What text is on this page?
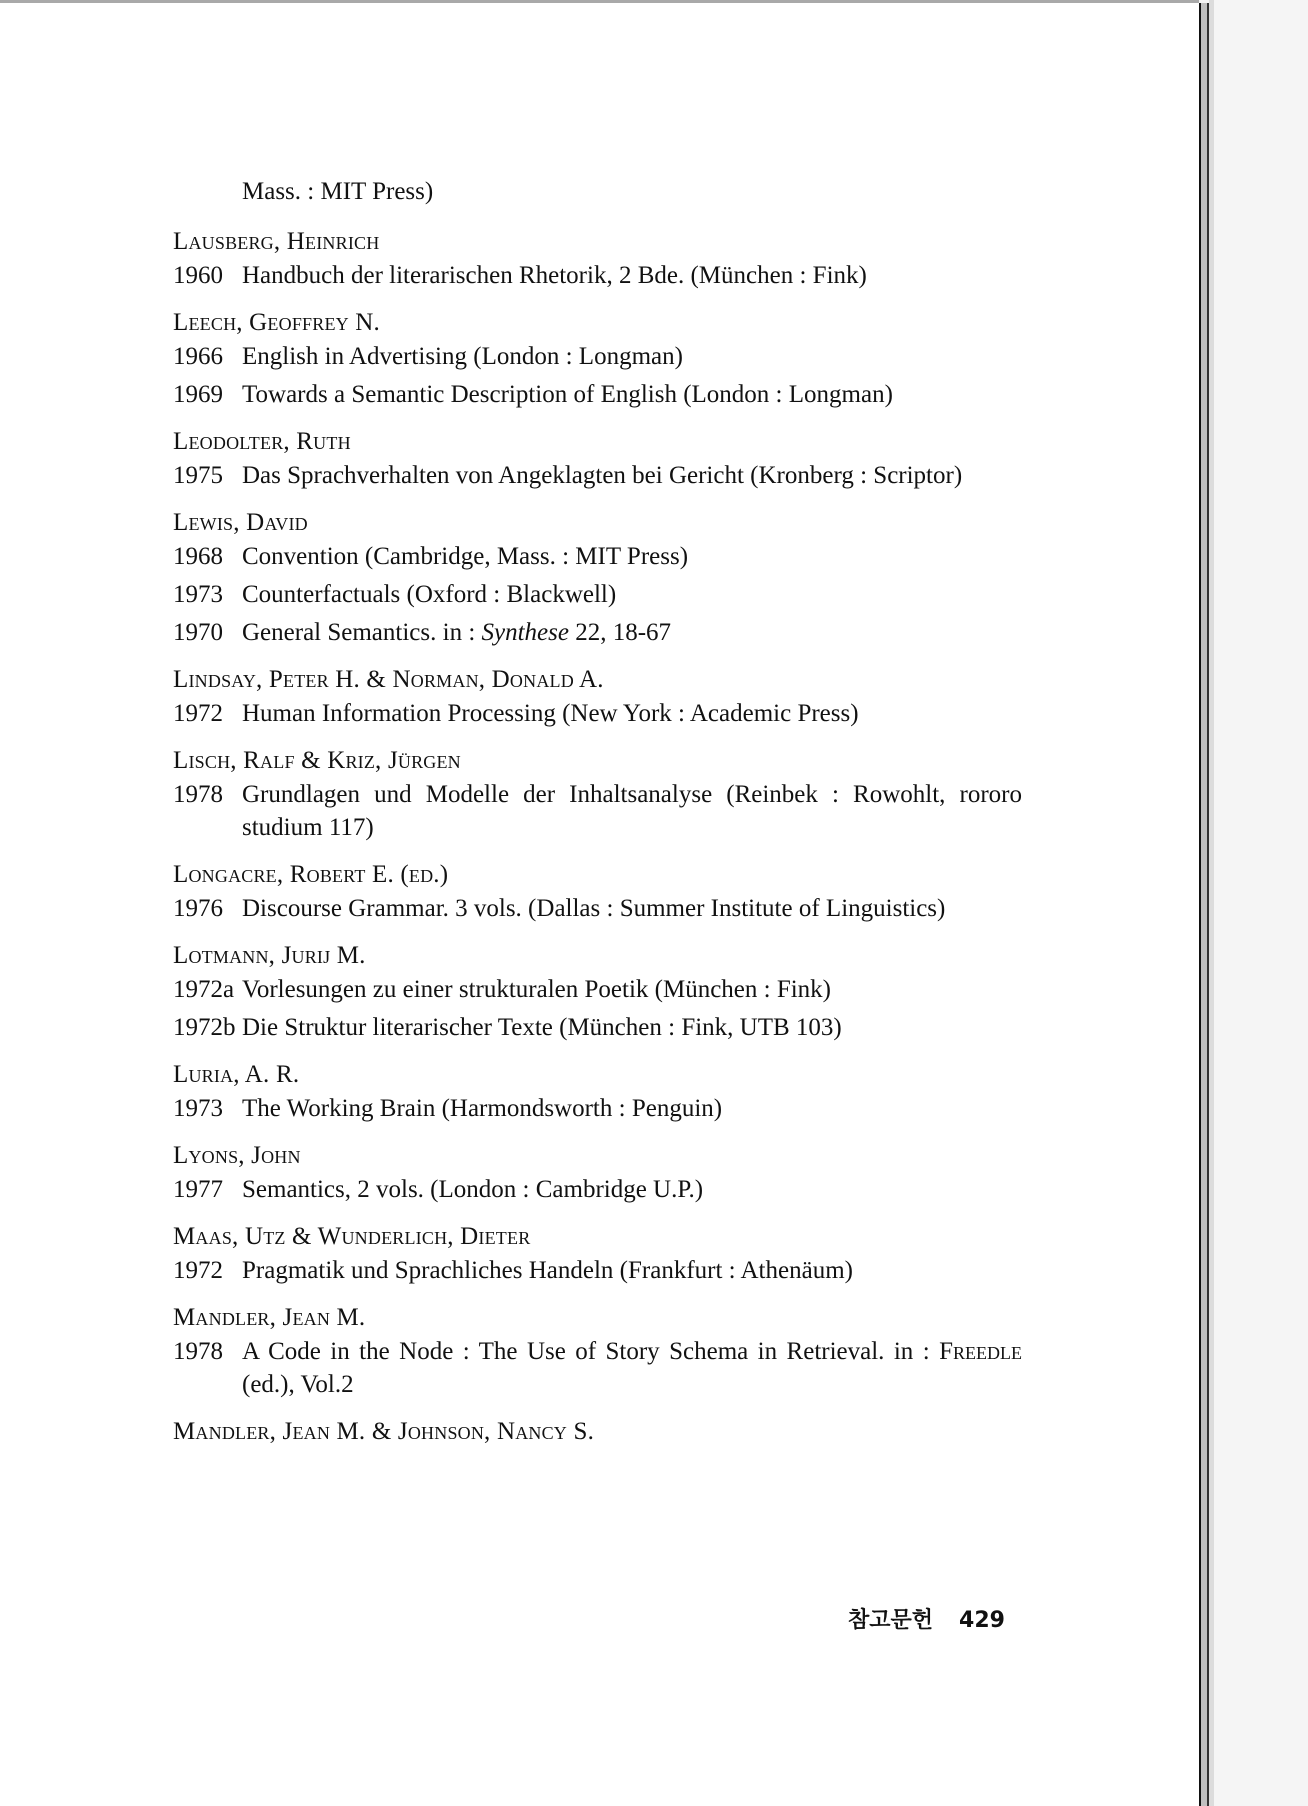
Mass. : MIT Press)
Lausberg, Heinrich
1960 Handbuch der literarischen Rhetorik, 2 Bde. (München : Fink)
Leech, Geoffrey N.
1966 English in Advertising (London : Longman)
1969 Towards a Semantic Description of English (London : Longman)
Leodolter, Ruth
1975 Das Sprachverhalten von Angeklagten bei Gericht (Kronberg : Scriptor)
Lewis, David
1968 Convention (Cambridge, Mass. : MIT Press)
1973 Counterfactuals (Oxford : Blackwell)
1970 General Semantics. in : Synthese 22, 18-67
Lindsay, Peter H. & Norman, Donald A.
1972 Human Information Processing (New York : Academic Press)
Lisch, Ralf & Kriz, Jürgen
1978 Grundlagen und Modelle der Inhaltsanalyse (Reinbek : Rowohlt, rororo studium 117)
Longacre, Robert E. (ed.)
1976 Discourse Grammar. 3 vols. (Dallas : Summer Institute of Linguistics)
Lotmann, Jurij M.
1972a Vorlesungen zu einer strukturalen Poetik (München : Fink)
1972b Die Struktur literarischer Texte (München : Fink, UTB 103)
Luria, A. R.
1973 The Working Brain (Harmondsworth : Penguin)
Lyons, John
1977 Semantics, 2 vols. (London : Cambridge U.P.)
Maas, Utz & Wunderlich, Dieter
1972 Pragmatik und Sprachliches Handeln (Frankfurt : Athenäum)
Mandler, Jean M.
1978 A Code in the Node : The Use of Story Schema in Retrieval. in : Freedle (ed.), Vol.2
Mandler, Jean M. & Johnson, Nancy S.
참고문헌 429
